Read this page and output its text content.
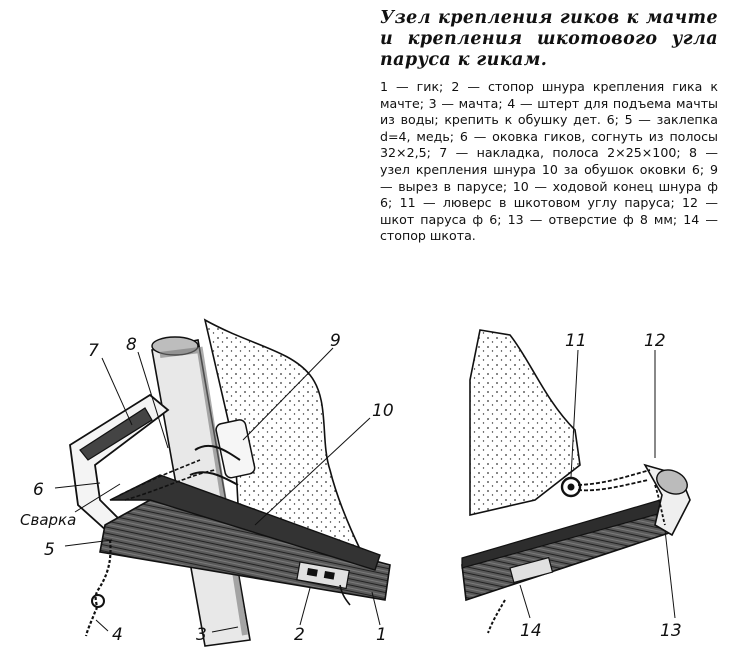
Узел крепления гиков к мачте и крепления шкотового угла паруса к гикам.

1 — гик; 2 — стопор шнура крепления гика к мачте; 3 — мачта; 4 — штерт для подъема мачты из воды; крепить к обушку дет. 6; 5 — заклепка d=4, медь; 6 — оковка гиков, согнуть из полосы 32×2,5; 7 — накладка, полоса 2×25×100; 8 — узел крепления шнура 10 за обушок оковки 6; 9 — вырез в парусе; 10 — ходовой конец шнура ф 6; 11 — люверс в шкотовом углу паруса; 12 — шкот паруса ф 6; 13 — отверстие ф 8 мм; 14 — стопор шкота.

7 8	9
10
6
Сварка
5
4	3	2	1
11	12
14	13
